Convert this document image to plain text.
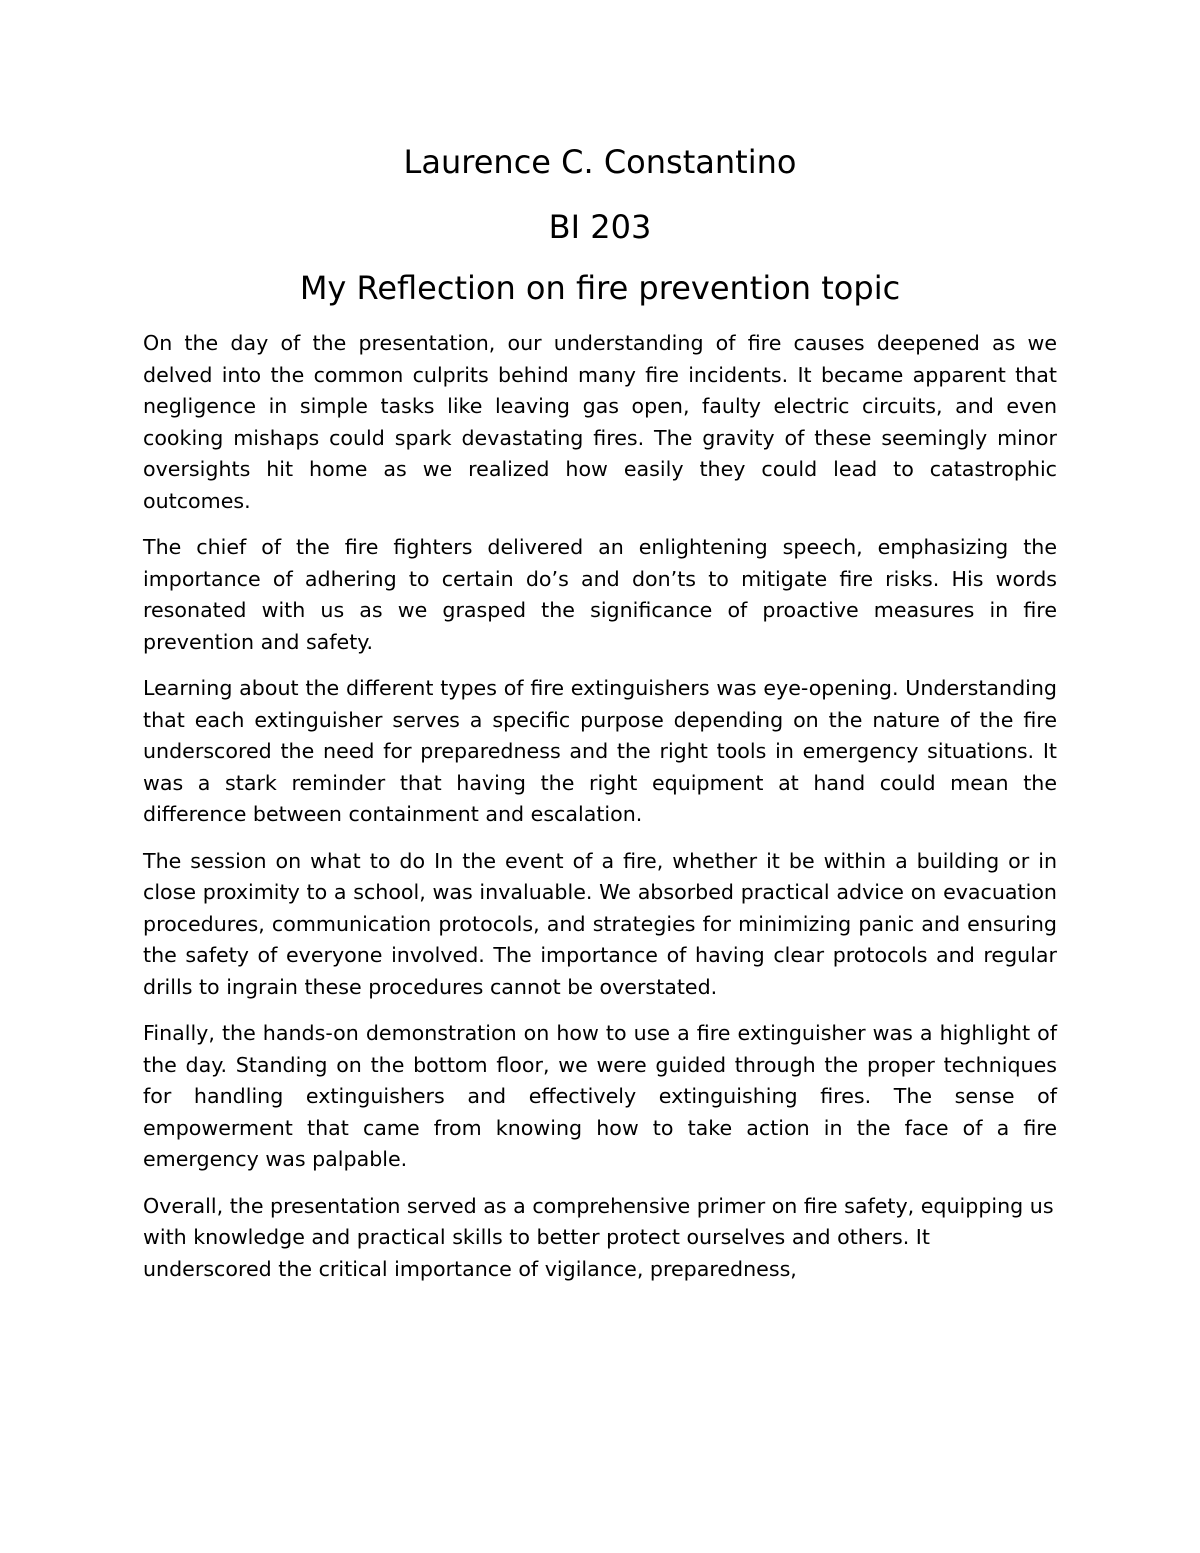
Laurence C. Constantino
BI 203
My Reflection on fire prevention topic

On the day of the presentation, our understanding of fire causes deepened as we delved into the common culprits behind many fire incidents. It became apparent that negligence in simple tasks like leaving gas open, faulty electric circuits, and even cooking mishaps could spark devastating fires. The gravity of these seemingly minor oversights hit home as we realized how easily they could lead to catastrophic outcomes.

The chief of the fire fighters delivered an enlightening speech, emphasizing the importance of adhering to certain do’s and don’ts to mitigate fire risks. His words resonated with us as we grasped the significance of proactive measures in fire prevention and safety.

Learning about the different types of fire extinguishers was eye-opening. Understanding that each extinguisher serves a specific purpose depending on the nature of the fire underscored the need for preparedness and the right tools in emergency situations. It was a stark reminder that having the right equipment at hand could mean the difference between containment and escalation.

The session on what to do In the event of a fire, whether it be within a building or in close proximity to a school, was invaluable. We absorbed practical advice on evacuation procedures, communication protocols, and strategies for minimizing panic and ensuring the safety of everyone involved. The importance of having clear protocols and regular drills to ingrain these procedures cannot be overstated.

Finally, the hands-on demonstration on how to use a fire extinguisher was a highlight of the day. Standing on the bottom floor, we were guided through the proper techniques for handling extinguishers and effectively extinguishing fires. The sense of empowerment that came from knowing how to take action in the face of a fire emergency was palpable.

Overall, the presentation served as a comprehensive primer on fire safety, equipping us with knowledge and practical skills to better protect ourselves and others. It underscored the critical importance of vigilance, preparedness,
